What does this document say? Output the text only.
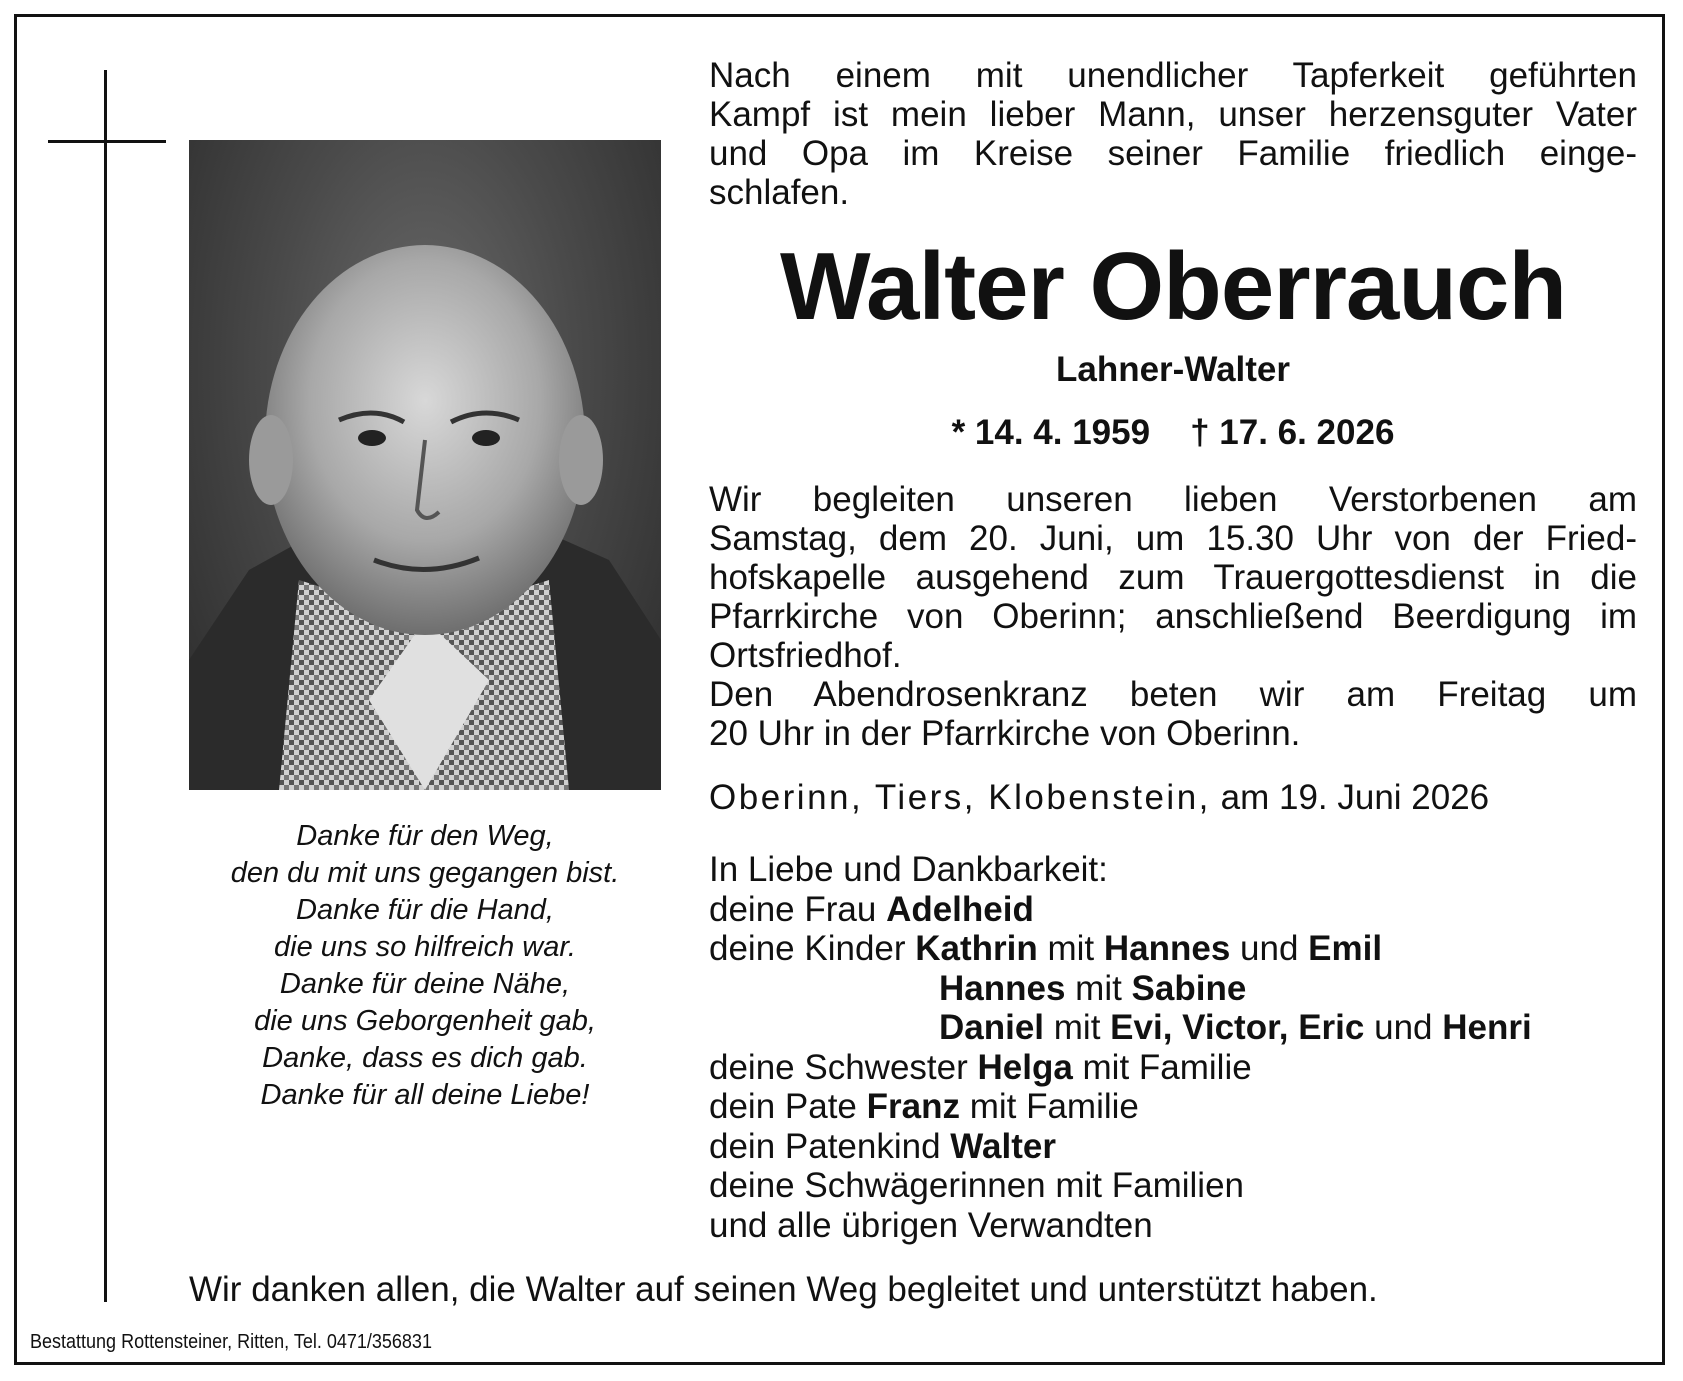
Danke für den Weg,
den du mit uns gegangen bist.
Danke für die Hand,
die uns so hilfreich war.
Danke für deine Nähe,
die uns Geborgenheit gab,
Danke, dass es dich gab.
Danke für all deine Liebe!
Nach einem mit unendlicher Tapferkeit geführten
Kampf ist mein lieber Mann, unser herzensguter Vater
und Opa im Kreise seiner Familie friedlich einge-
schlafen.
Walter Oberrauch
Lahner-Walter
* 14. 4. 1959 † 17. 6. 2026
Wir begleiten unseren lieben Verstorbenen am
Samstag, dem 20. Juni, um 15.30 Uhr von der Fried-
hofskapelle ausgehend zum Trauergottesdienst in die
Pfarrkirche von Oberinn; anschließend Beerdigung im
Ortsfriedhof.
Den Abendrosenkranz beten wir am Freitag um
20 Uhr in der Pfarrkirche von Oberinn.
Oberinn, Tiers, Klobenstein, am 19. Juni 2026
In Liebe und Dankbarkeit:
deine Frau Adelheid
deine Kinder Kathrin mit Hannes und Emil
Hannes mit Sabine
Daniel mit Evi, Victor, Eric und Henri
deine Schwester Helga mit Familie
dein Pate Franz mit Familie
dein Patenkind Walter
deine Schwägerinnen mit Familien
und alle übrigen Verwandten
Wir danken allen, die Walter auf seinen Weg begleitet und unterstützt haben.
Bestattung Rottensteiner, Ritten, Tel. 0471/356831
